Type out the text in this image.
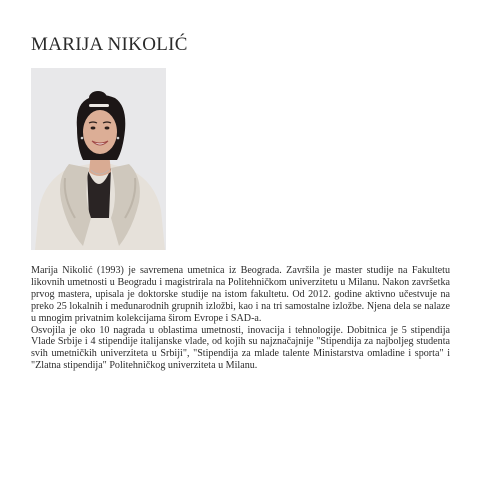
MARIJA NIKOLIĆ

Marija Nikolić (1993) je savremena umetnica iz Beograda. Završila je master studije na Fakultetu likovnih umetnosti u Beogradu i magistrirala na Politehničkom univerzitetu u Milanu. Nakon završetka prvog mastera, upisala je doktorske studije na istom fakultetu. Od 2012. godine aktivno učestvuje na preko 25 lokalnih i međunarodnih grupnih izložbi, kao i na tri samostalne izložbe. Njena dela se nalaze u mnogim privatnim kolekcijama širom Evrope i SAD-a.

Osvojila je oko 10 nagrada u oblastima umetnosti, inovacija i tehnologije. Dobitnica je 5 stipendija Vlade Srbije i 4 stipendije italijanske vlade, od kojih su najznačajnije "Stipendija za najboljeg studenta svih umetničkih univerziteta u Srbiji", "Stipendija za mlade talente Ministarstva omladine i sporta" i "Zlatna stipendija" Politehničkog univerziteta u Milanu.
